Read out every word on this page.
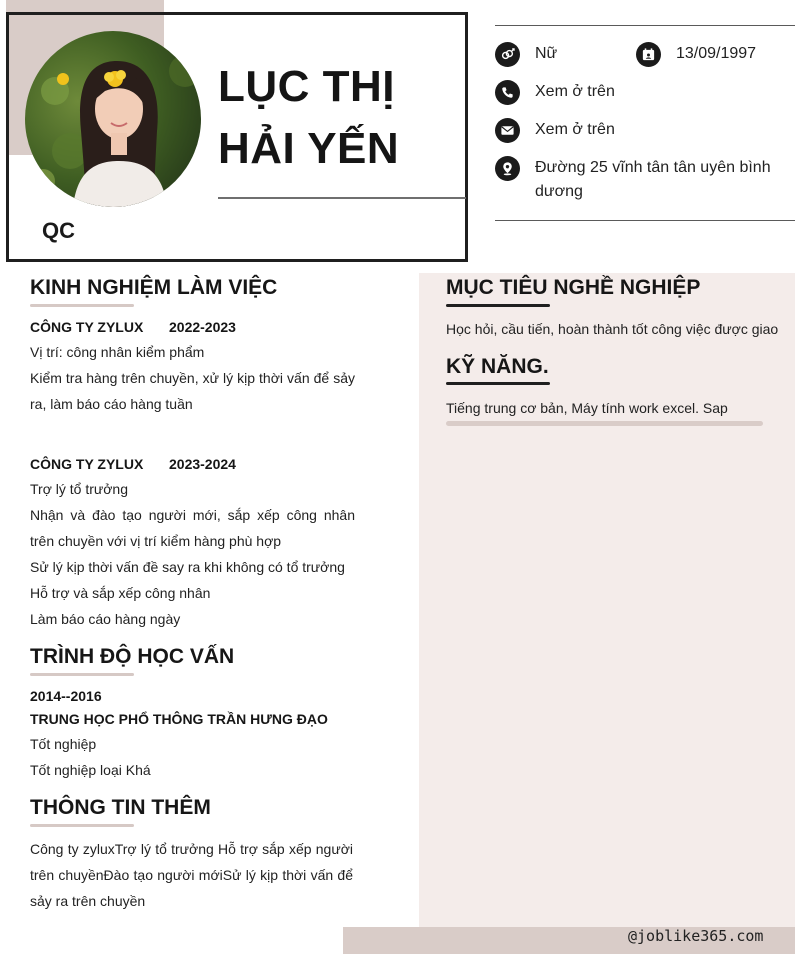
LỤC THỊ
HẢI YẾN
QC
Nữ	13/09/1997
Xem ở trên
Xem ở trên
Đường 25 vĩnh tân tân uyên bình dương
KINH NGHIỆM LÀM VIỆC
CÔNG TY ZYLUX 2022-2023
Vị trí: công nhân kiểm phẩm
Kiểm tra hàng trên chuyền, xử lý kịp thời vấn để sảy ra, làm báo cáo hàng tuần
CÔNG TY ZYLUX 2023-2024
Trợ lý tổ trưởng
Nhận và đào tạo người mới, sắp xếp công nhân trên chuyền với vị trí kiểm hàng phù hợp
Sử lý kịp thời vấn đề say ra khi không có tổ trưởng
Hỗ trợ và sắp xếp công nhân
Làm báo cáo hàng ngày
TRÌNH ĐỘ HỌC VẤN
2014--2016
TRUNG HỌC PHỔ THÔNG TRẦN HƯNG ĐẠO
Tốt nghiệp
Tốt nghiệp loại Khá
THÔNG TIN THÊM
Công ty zyluxTrợ lý tổ trưởng Hỗ trợ sắp xếp người trên chuyềnĐào tạo người mớiSử lý kịp thời vấn để sảy ra trên chuyền
MỤC TIÊU NGHỀ NGHIỆP
Học hỏi, cầu tiến, hoàn thành tốt công việc được giao
KỸ NĂNG.
Tiếng trung cơ bản, Máy tính work excel. Sap
@joblike365.com
